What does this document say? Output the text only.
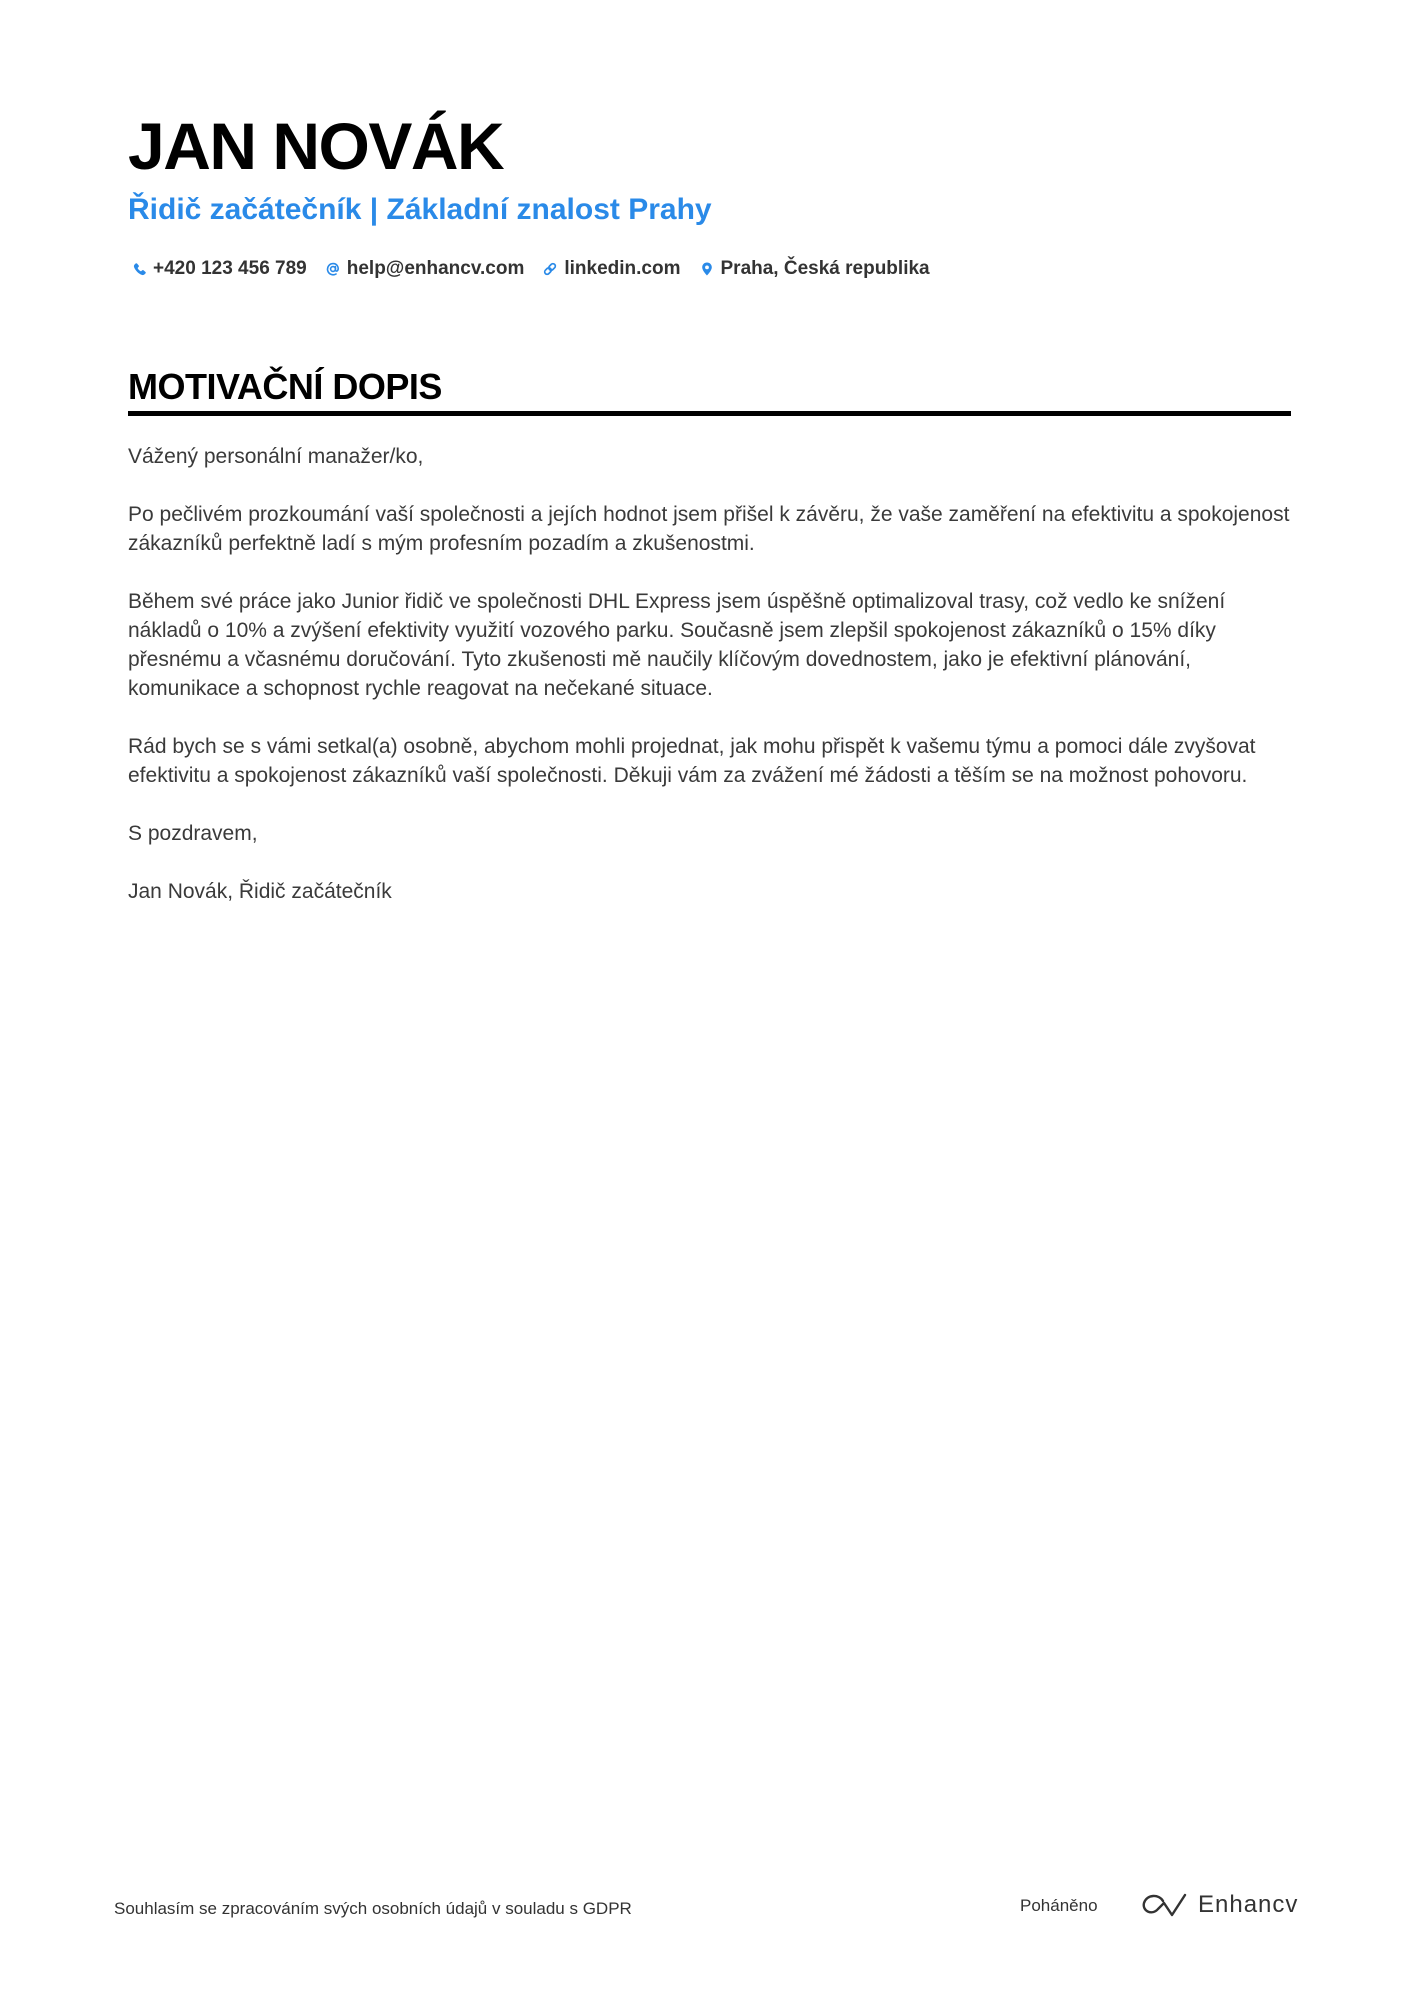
JAN NOVÁK
Řidič začátečník | Základní znalost Prahy
+420 123 456 789 help@enhancv.com linkedin.com Praha, Česká republika
MOTIVAČNÍ DOPIS

Vážený personální manažer/ko,

Po pečlivém prozkoumání vaší společnosti a jejích hodnot jsem přišel k závěru, že vaše zaměření na efektivitu a spokojenost zákazníků perfektně ladí s mým profesním pozadím a zkušenostmi.

Během své práce jako Junior řidič ve společnosti DHL Express jsem úspěšně optimalizoval trasy, což vedlo ke snížení nákladů o 10% a zvýšení efektivity využití vozového parku. Současně jsem zlepšil spokojenost zákazníků o 15% díky přesnému a včasnému doručování. Tyto zkušenosti mě naučily klíčovým dovednostem, jako je efektivní plánování, komunikace a schopnost rychle reagovat na nečekané situace.

Rád bych se s vámi setkal(a) osobně, abychom mohli projednat, jak mohu přispět k vašemu týmu a pomoci dále zvyšovat efektivitu a spokojenost zákazníků vaší společnosti. Děkuji vám za zvážení mé žádosti a těším se na možnost pohovoru.

S pozdravem,

Jan Novák, Řidič začátečník

Souhlasím se zpracováním svých osobních údajů v souladu s GDPR	Poháněno	Enhancv
